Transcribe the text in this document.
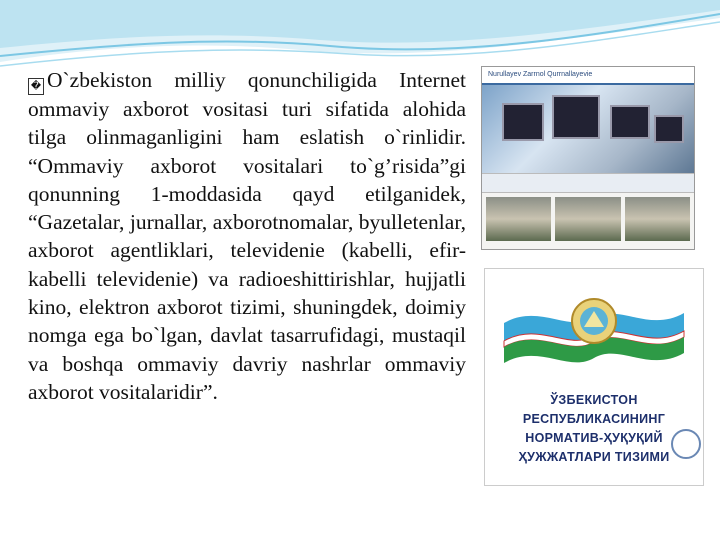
� O`zbekiston milliy qonunchiligida Internet ommaviy axborot vositasi turi sifatida alohida tilga olinmaganligini ham eslatish o`rinlidir. “Ommaviy axborot vositalari to`g’risida”gi qonunning 1-moddasida qayd etilganidek, “Gazetalar, jurnallar, axborotnomalar, byulletenlar, axborot agentliklari, televidenie (kabelli, efir-kabelli televidenie) va radioeshittirishlar, hujjatli kino, elektron axborot tizimi, shuningdek, doimiy nomga ega bo`lgan, davlat tasarrufidagi, mustaqil va boshqa ommaviy davriy nashrlar ommaviy axborot vositalaridir”.

Nurullayev Zarrnol Qurrnallayevie
ЎЗБЕКИСТОН
РЕСПУБЛИКАСИНИНГ
НОРМАТИВ-ҲУҚУҚИЙ
ҲУЖЖАТЛАРИ ТИЗИМИ
